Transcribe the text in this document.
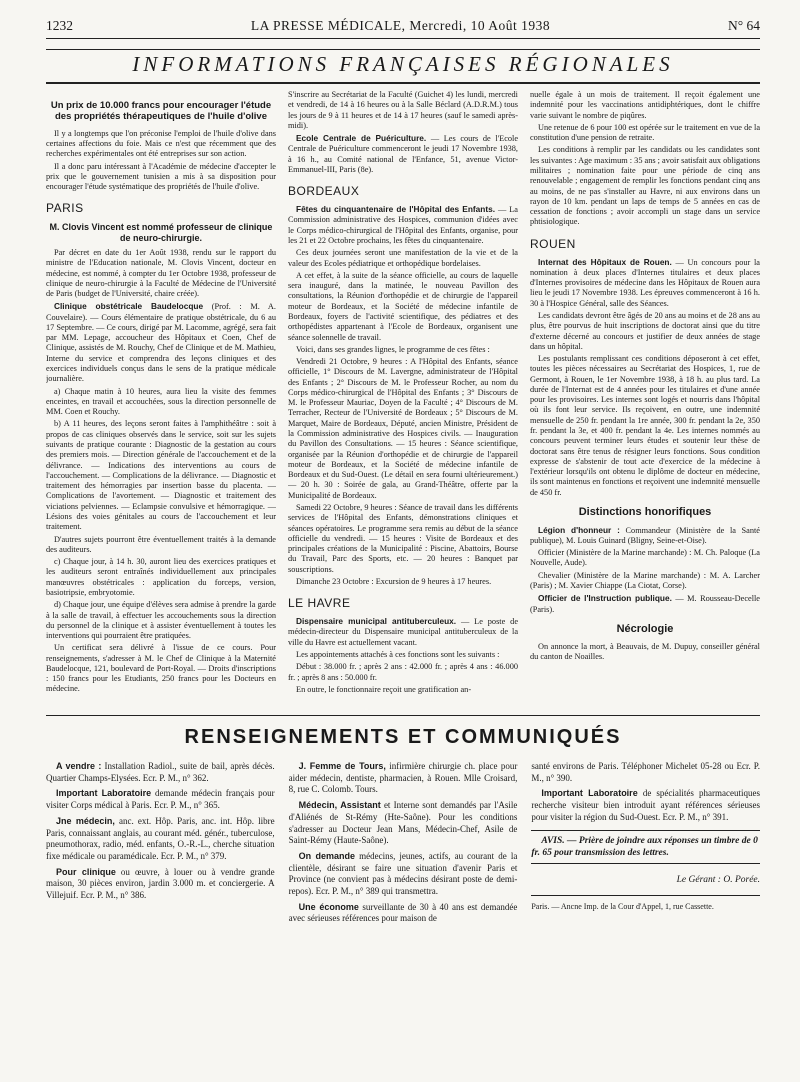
1232	LA PRESSE MÉDICALE, Mercredi, 10 Août 1938	N° 64
INFORMATIONS FRANÇAISES RÉGIONALES
Un prix de 10.000 francs pour encourager l'étude des propriétés thérapeutiques de l'huile d'olive

Il y a longtemps que l'on préconise l'emploi de l'huile d'olive dans certaines affections du foie. Mais ce n'est que récemment que des recherches expérimentales ont été entreprises sur son action.

Il a donc paru intéressant à l'Académie de médecine d'accepter le prix que le gouvernement tunisien a mis à sa disposition pour encourager l'étude systématique des propriétés de l'huile d'olive.

PARIS
M. Clovis Vincent est nommé professeur de clinique de neuro-chirurgie.

Par décret en date du 1er Août 1938, rendu sur le rapport du ministre de l'Education nationale, M. Clovis Vincent, docteur en médecine, est nommé, à compter du 1er Octobre 1938, professeur de clinique de neuro-chirurgie à la Faculté de Médecine de l'Université de Paris (budget de l'Université, chaire créée).

Clinique obstétricale Baudelocque (Prof. : M. A. Couvelaire). — Cours élémentaire de pratique obstétricale, du 6 au 17 Septembre. — Ce cours, dirigé par M. Lacomme, agrégé, sera fait par MM. Lepage, accoucheur des Hôpitaux et Coen, Chef de Clinique, assistés de M. Rouchy, Chef de Clinique et de M. Mathieu, Interne du service et comprendra des leçons cliniques et des exercices individuels conçus dans le sens de la pratique médicale journalière.

a) Chaque matin à 10 heures, aura lieu la visite des femmes enceintes, en travail et accouchées, sous la direction personnelle de MM. Coen et Rouchy.

b) A 11 heures, des leçons seront faites à l'amphithéâtre : soit à propos de cas cliniques observés dans le service, soit sur les sujets suivants de pratique courante : Diagnostic de la gestation au cours des premiers mois. — Direction générale de l'accouchement et de la délivrance. — Indications des interventions au cours de l'accouchement. — Complications de la délivrance. — Diagnostic et traitement des hémorragies par insertion basse du placenta. — Complications de l'avortement. — Diagnostic et traitement des viciations pelviennes. — Eclampsie convulsive et hémorragique. — Lésions des voies génitales au cours de l'accouchement et leur traitement.

D'autres sujets pourront être éventuellement traités à la demande des auditeurs.

c) Chaque jour, à 14 h. 30, auront lieu des exercices pratiques et les auditeurs seront entraînés individuellement aux principales manœuvres obstétricales : application du forceps, version, basiotripsie, embryotomie.

d) Chaque jour, une équipe d'élèves sera admise à prendre la garde à la salle de travail, à effectuer les accouchements sous la direction du personnel de la clinique et à assister éventuellement à toutes les interventions qui pourraient être pratiquées.

Un certificat sera délivré à l'issue de ce cours. Pour renseignements, s'adresser à M. le Chef de Clinique à la Maternité Baudelocque, 121, boulevard de Port-Royal. — Droits d'inscriptions : 150 francs pour les Etudiants, 250 francs pour les Docteurs en médecine.

S'inscrire au Secrétariat de la Faculté (Guichet 4) les lundi, mercredi et vendredi, de 14 à 16 heures ou à la Salle Béclard (A.D.R.M.) tous les jours de 9 à 11 heures et de 14 à 17 heures (sauf le samedi après-midi).

Ecole Centrale de Puériculture. — Les cours de l'Ecole Centrale de Puériculture commenceront le jeudi 17 Novembre 1938, à 16 h., au Comité national de l'Enfance, 51, avenue Victor-Emmanuel-III, Paris (8e).

BORDEAUX

Fêtes du cinquantenaire de l'Hôpital des Enfants. — La Commission administrative des Hospices, communion d'idées avec le Corps médico-chirurgical de l'Hôpital des Enfants, organise, pour les 21 et 22 Octobre prochains, les fêtes du cinquantenaire.

Ces deux journées seront une manifestation de la vie et de la valeur des Ecoles pédiatrique et orthopédique bordelaises.

A cet effet, à la suite de la séance officielle, au cours de laquelle sera inauguré, dans la matinée, le nouveau Pavillon des consultations, la Réunion d'orthopédie et de chirurgie de l'appareil moteur de Bordeaux, et la Société de médecine infantile de Bordeaux, foyers de l'activité scientifique, des pédiatres et des orthopédistes appartenant à l'Ecole de Bordeaux, organisent une séance solennelle de travail.

Voici, dans ses grandes lignes, le programme de ces fêtes :

Vendredi 21 Octobre, 9 heures : A l'Hôpital des Enfants, séance officielle, 1° Discours de M. Lavergne, administrateur de l'Hôpital des Enfants ; 2° Discours de M. le Professeur Rocher, au nom du Corps médico-chirurgical de l'Hôpital des Enfants ; 3° Discours de M. le Professeur Mauriac, Doyen de la Faculté ; 4° Discours de M. Terracher, Recteur de l'Université de Bordeaux ; 5° Discours de M. Marquet, Maire de Bordeaux, Député, ancien Ministre, Président de la Commission administrative des Hospices civils. — Inauguration du Pavillon des Consultations. — 15 heures : Séance scientifique, organisée par la Réunion d'orthopédie et de chirurgie de l'appareil moteur de Bordeaux, et la Société de médecine infantile de Bordeaux et du Sud-Ouest. (Le détail en sera fourni ultérieurement.) — 20 h. 30 : Soirée de gala, au Grand-Théâtre, offerte par la Municipalité de Bordeaux.

Samedi 22 Octobre, 9 heures : Séance de travail dans les différents services de l'Hôpital des Enfants, démonstrations cliniques et séances opératoires. Le programme sera remis au début de la séance officielle du vendredi. — 15 heures : Visite de Bordeaux et des principales créations de la Municipalité : Piscine, Abattoirs, Bourse du Travail, Parc des Sports, etc. — 20 heures : Banquet par souscriptions.

Dimanche 23 Octobre : Excursion de 9 heures à 17 heures.

LE HAVRE

Dispensaire municipal antituberculeux. — Le poste de médecin-directeur du Dispensaire municipal antituberculeux de la ville du Havre est actuellement vacant.

Les appointements attachés à ces fonctions sont les suivants :

Début : 38.000 fr. ; après 2 ans : 42.000 fr. ; après 4 ans : 46.000 fr. ; après 8 ans : 50.000 fr.

En outre, le fonctionnaire reçoit une gratification an-

nuelle égale à un mois de traitement. Il reçoit également une indemnité pour les vaccinations antidiphtériques, dont le chiffre varie suivant le nombre de piqûres.

Une retenue de 6 pour 100 est opérée sur le traitement en vue de la constitution d'une pension de retraite.

Les conditions à remplir par les candidats ou les candidates sont les suivantes : Age maximum : 35 ans ; avoir satisfait aux obligations militaires ; nomination faite pour une période de cinq ans renouvelable ; engagement de remplir les fonctions pendant cinq ans au moins, de ne pas s'installer au Havre, ni aux environs dans un rayon de 10 km. pendant un laps de temps de 5 années en cas de cessation de fonctions ; avoir accompli un stage dans un service phtisiologique.

ROUEN

Internat des Hôpitaux de Rouen. — Un concours pour la nomination à deux places d'Internes titulaires et deux places d'Internes provisoires de médecine dans les Hôpitaux de Rouen aura lieu le jeudi 17 Novembre 1938. Les épreuves commenceront à 16 h. 30 à l'Hospice Général, salle des Séances.

Les candidats devront être âgés de 20 ans au moins et de 28 ans au plus, être pourvus de huit inscriptions de doctorat ainsi que du titre d'externe décerné au concours et justifier de deux années de stage dans un hôpital.

Les postulants remplissant ces conditions déposeront à cet effet, toutes les pièces nécessaires au Secrétariat des Hospices, 1, rue de Germont, à Rouen, le 1er Novembre 1938, à 18 h. au plus tard. La durée de l'Internat est de 4 années pour les titulaires et d'une année pour les provisoires. Les internes sont logés et nourris dans l'hôpital où ils font leur service. Ils reçoivent, en outre, une indemnité mensuelle de 250 fr. pendant la 1re année, 300 fr. pendant la 2e, 350 fr. pendant la 3e, et 400 fr. pendant la 4e. Les internes nommés au concours peuvent terminer leurs études et soutenir leur thèse de doctorat sans être tenus de résigner leurs fonctions. Sous condition expresse de s'abstenir de tout acte d'exercice de la médecine à l'extérieur lorsqu'ils ont obtenu le diplôme de docteur en médecine, ils sont maintenus en fonctions et reçoivent une indemnité mensuelle de 450 fr.

Distinctions honorifiques

Légion d'honneur : Commandeur (Ministère de la Santé publique), M. Louis Guinard (Bligny, Seine-et-Oise).

Officier (Ministère de la Marine marchande) : M. Ch. Paloque (La Nouvelle, Aude).

Chevalier (Ministère de la Marine marchande) : M. A. Larcher (Paris) ; M. Xavier Chiappe (La Ciotat, Corse).

Officier de l'Instruction publique. — M. Rousseau-Decelle (Paris).

Nécrologie

On annonce la mort, à Beauvais, de M. Dupuy, conseiller général du canton de Noailles.

RENSEIGNEMENTS ET COMMUNIQUÉS

A vendre : Installation Radiol., suite de bail, après décès. Quartier Champs-Elysées. Ecr. P. M., n° 362.

Important Laboratoire demande médecin français pour visiter Corps médical à Paris. Ecr. P. M., n° 365.

Jne médecin, anc. ext. Hôp. Paris, anc. int. Hôp. libre Paris, connaissant anglais, au courant méd. génér., tuberculose, pneumothorax, radio, méd. enfants, O.-R.-L., cherche situation fixe médicale ou paramédicale. Ecr. P. M., n° 379.

Pour clinique ou œuvre, à louer ou à vendre grande maison, 30 pièces environ, jardin 3.000 m. et conciergerie. A Villejuif. Ecr. P. M., n° 386.

J. Femme de Tours, infirmière chirurgie ch. place pour aider médecin, dentiste, pharmacien, à Rouen. Mlle Croisard, 8, rue C. Colomb. Tours.

Médecin, Assistant et Interne sont demandés par l'Asile d'Aliénés de St-Rémy (Hte-Saône). Pour les conditions s'adresser au Docteur Jean Mans, Médecin-Chef, Asile de Saint-Rémy (Haute-Saône).

On demande médecins, jeunes, actifs, au courant de la clientèle, désirant se faire une situation d'avenir Paris et Province (ne convient pas à médecins désirant poste de demi-repos). Ecr. P. M., n° 389 qui transmettra.

Une économe surveillante de 30 à 40 ans est demandée avec sérieuses références pour maison de

santé environs de Paris. Téléphoner Michelet 05-28 ou Ecr. P. M., n° 390.

Important Laboratoire de spécialités pharmaceutiques recherche visiteur bien introduit ayant références sérieuses pour visiter la région du Sud-Ouest. Ecr. P. M., n° 391.

AVIS. — Prière de joindre aux réponses un timbre de 0 fr. 65 pour transmission des lettres.
Le Gérant : O. Porée.
Paris. — Ancne Imp. de la Cour d'Appel, 1, rue Cassette.
